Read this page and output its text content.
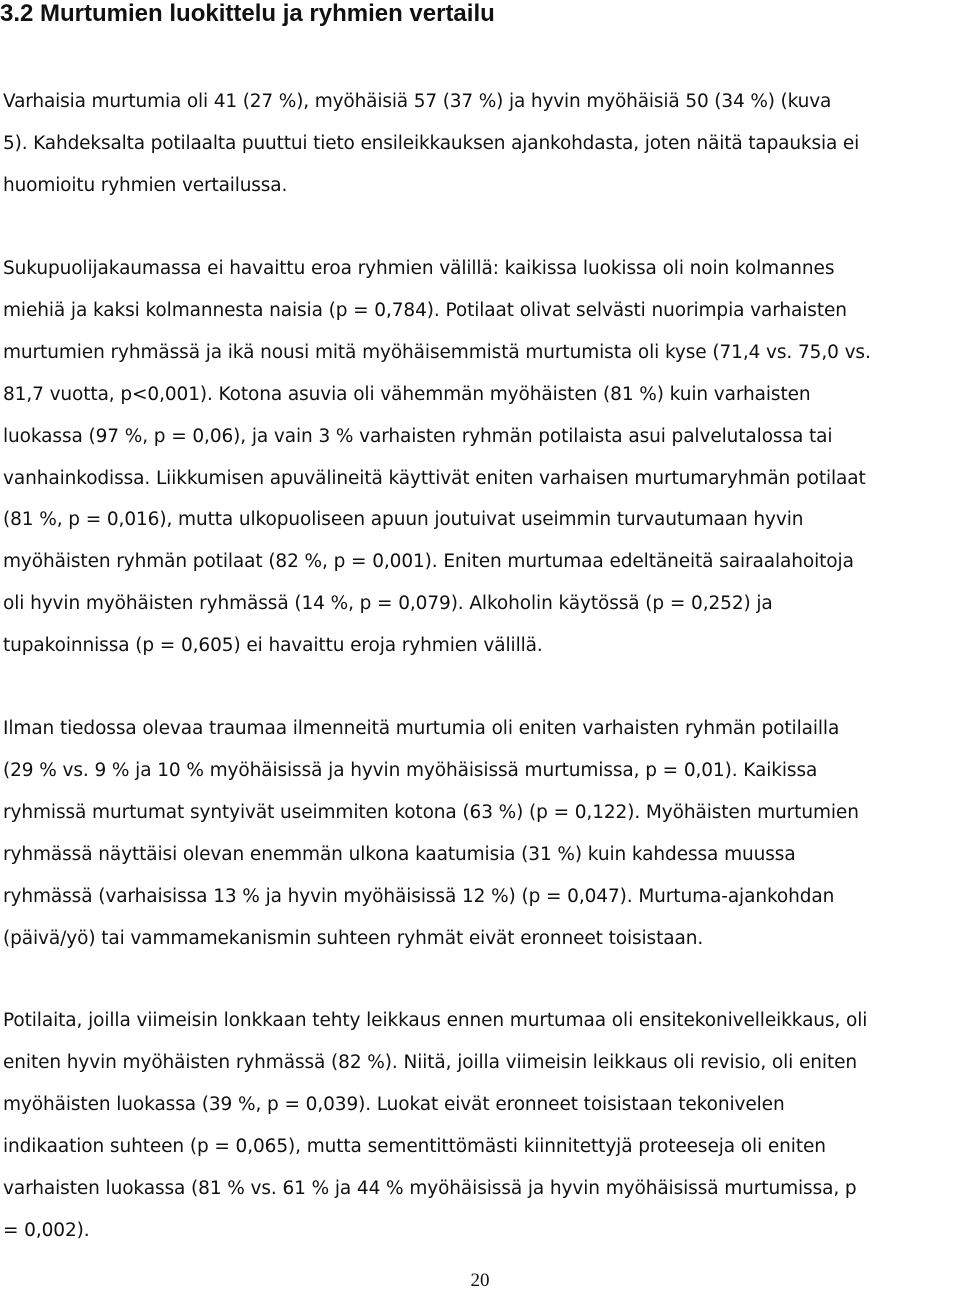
3.2 Murtumien luokittelu ja ryhmien vertailu

Varhaisia murtumia oli 41 (27 %), myöhäisiä 57 (37 %) ja hyvin myöhäisiä 50 (34 %) (kuva
5). Kahdeksalta potilaalta puuttui tieto ensileikkauksen ajankohdasta, joten näitä tapauksia ei
huomioitu ryhmien vertailussa.

Sukupuolijakaumassa ei havaittu eroa ryhmien välillä: kaikissa luokissa oli noin kolmannes
miehiä ja kaksi kolmannesta naisia (p = 0,784). Potilaat olivat selvästi nuorimpia varhaisten
murtumien ryhmässä ja ikä nousi mitä myöhäisemmistä murtumista oli kyse (71,4 vs. 75,0 vs.
81,7 vuotta, p<0,001). Kotona asuvia oli vähemmän myöhäisten (81 %) kuin varhaisten
luokassa (97 %, p = 0,06), ja vain 3 % varhaisten ryhmän potilaista asui palvelutalossa tai
vanhainkodissa. Liikkumisen apuvälineitä käyttivät eniten varhaisen murtumaryhmän potilaat
(81 %, p = 0,016), mutta ulkopuoliseen apuun joutuivat useimmin turvautumaan hyvin
myöhäisten ryhmän potilaat (82 %, p = 0,001). Eniten murtumaa edeltäneitä sairaalahoitoja
oli hyvin myöhäisten ryhmässä (14 %, p = 0,079). Alkoholin käytössä (p = 0,252) ja
tupakoinnissa (p = 0,605) ei havaittu eroja ryhmien välillä.

Ilman tiedossa olevaa traumaa ilmenneitä murtumia oli eniten varhaisten ryhmän potilailla
(29 % vs. 9 % ja 10 % myöhäisissä ja hyvin myöhäisissä murtumissa, p = 0,01). Kaikissa
ryhmissä murtumat syntyivät useimmiten kotona (63 %) (p = 0,122). Myöhäisten murtumien
ryhmässä näyttäisi olevan enemmän ulkona kaatumisia (31 %) kuin kahdessa muussa
ryhmässä (varhaisissa 13 % ja hyvin myöhäisissä 12 %) (p = 0,047). Murtuma-ajankohdan
(päivä/yö) tai vammamekanismin suhteen ryhmät eivät eronneet toisistaan.

Potilaita, joilla viimeisin lonkkaan tehty leikkaus ennen murtumaa oli ensitekonivelleikkaus, oli
eniten hyvin myöhäisten ryhmässä (82 %). Niitä, joilla viimeisin leikkaus oli revisio, oli eniten
myöhäisten luokassa (39 %, p = 0,039). Luokat eivät eronneet toisistaan tekonivelen
indikaation suhteen (p = 0,065), mutta sementittömästi kiinnitettyjä proteeseja oli eniten
varhaisten luokassa (81 % vs. 61 % ja 44 % myöhäisissä ja hyvin myöhäisissä murtumissa, p
= 0,002).

20
